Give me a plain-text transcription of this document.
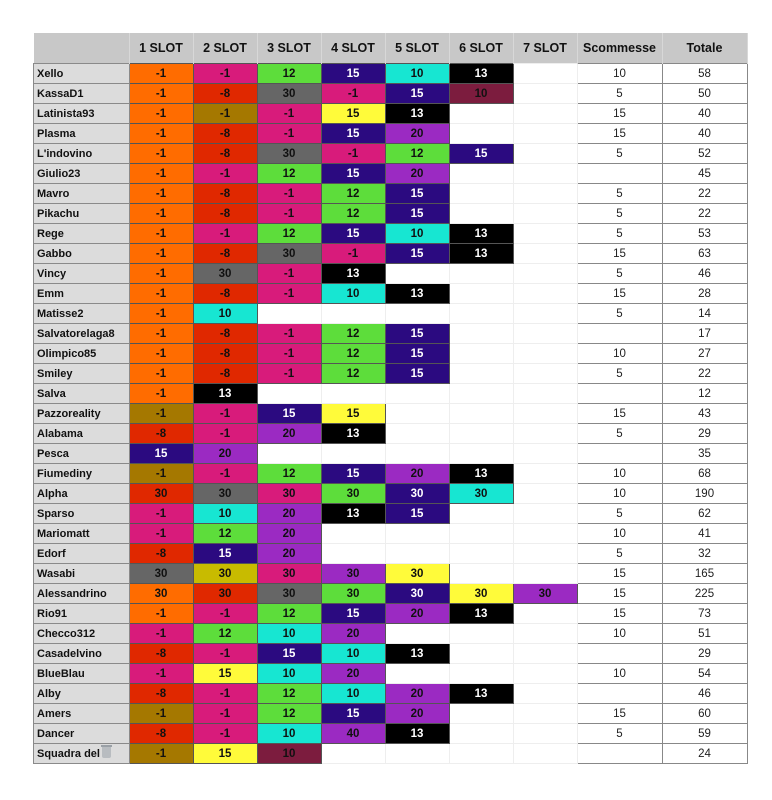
	1 SLOT	2 SLOT	3 SLOT	4 SLOT	5 SLOT	6 SLOT	7 SLOT	Scommesse	Totale
Xello	-1	-1	12	15	10	13		10	58
KassaD1	-1	-8	30	-1	15	10		5	50
Latinista93	-1	-1	-1	15	13			15	40
Plasma	-1	-8	-1	15	20			15	40
L'indovino	-1	-8	30	-1	12	15		5	52
Giulio23	-1	-1	12	15	20				45
Mavro	-1	-8	-1	12	15			5	22
Pikachu	-1	-8	-1	12	15			5	22
Rege	-1	-1	12	15	10	13		5	53
Gabbo	-1	-8	30	-1	15	13		15	63
Vincy	-1	30	-1	13				5	46
Emm	-1	-8	-1	10	13			15	28
Matisse2	-1	10						5	14
Salvatorelaga8	-1	-8	-1	12	15				17
Olimpico85	-1	-8	-1	12	15			10	27
Smiley	-1	-8	-1	12	15			5	22
Salva	-1	13							12
Pazzoreality	-1	-1	15	15				15	43
Alabama	-8	-1	20	13				5	29
Pesca	15	20							35
Fiumediny	-1	-1	12	15	20	13		10	68
Alpha	30	30	30	30	30	30		10	190
Sparso	-1	10	20	13	15			5	62
Mariomatt	-1	12	20					10	41
Edorf	-8	15	20					5	32
Wasabi	30	30	30	30	30			15	165
Alessandrino	30	30	30	30	30	30	30	15	225
Rio91	-1	-1	12	15	20	13		15	73
Checco312	-1	12	10	20				10	51
Casadelvino	-8	-1	15	10	13				29
BlueBlau	-1	15	10	20				10	54
Alby	-8	-1	12	10	20	13			46
Amers	-1	-1	12	15	20			15	60
Dancer	-8	-1	10	40	13			5	59
Squadra del	-1	15	10						24
